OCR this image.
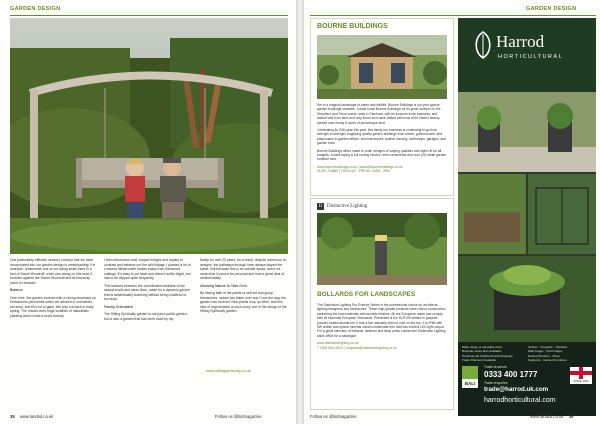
GARDEN DESIGN

One particularly effective sensory concept that we have incorporated into our garden design is underplanting. For example, underneath one of our swing seats there is a bed of Sweet Woodruff; when you swing on this seat, it brushes against the Sweet Woodruff and its heavenly scent is released.

Balance

Over time, the garden evolved with a strong emphasis on herbaceous perennials which we allowed to overwinter, set seed, and fill a lot of gaps. We only cut back in early spring. The results were huge swathes of naturalistic planting which holds a rustic beauty.

I then introduced neat, clipped hedges and topiary to contrast and balance out the wild foliage. I planted a lot of Lonicera Nitida which strikes easily from hardwood cuttings. It's easy to cut back and doesn't suffer blight, but has to be clipped quite frequently.

This balance between the uncultivated wildness of the natural world and clean lines, make for a dynamic garden that is aesthetically charming without being cluttered or too busy.

Family-Orientated

The Sitting Spiritually garden is not just a public garden, but is also a garden that has been used by my

family for over 20 years. As a result, despite numerous re-designs, the pathways through have always stayed the same. Not because this is an outside space, does not mean that it cannot be personal and hold a great deal of sentimentality.

Allowing Nature to Take Over

By having faith in the plants to self set and group themselves, nature has taken over and I love the way the garden has evolved. New plants crop up often, and this idea of regeneration is such a key one in the design of the Sitting Spiritually garden.

www.sittingspiritually.co.uk
38 www.landsd.co.uk	Follow us @lsdmagazine
GARDEN DESIGN
BOURNE BUILDINGS

Set in a magical landscape of water and wildlife, Bourne Buildings is not your typical garden buildings showsite. Locals know Bourne Buildings for its great location on the Shepherd and Flock scenic route in Farnham, with its treasure trove business, and animal visit from farm and only those who have visited will know of its hidden beauty spread over nearly 8 acres of picturesque land.

Celebrating its 20th year this year, this family run business is continuing to go from strength to strength, supplying quality garden buildings from sheds, greenhouses, and playhouses to garden offices, summerhouses, animal housing, workshops, garages, and garden bars.

Bourne Buildings offers made to order designs of varying qualities and styles fit for all budgets, a base laying & full roofing service, trees ornaments and over 200 small garden furniture sets.

www.bournebuildings.co.uk | sales@bournebuildings.co.uk

01252 716665 | TUESDAY - FRIDAY 10AM - 4PM

D Distinctive Lighting
BOLLARDS FOR LANDSCAPES

The Distinctive Lighting Pro Exterior Series is the professional choice for architects, lighting designers and contractors. These high-quality products have robust construction, partnering the best materials with durable finishes. All are European made and comply with all essential European Standards. Presented is the DLP190 bollard in graphite powder coated aluminium. It has a five warranty with no cost on the top. It is IP65 with 5W visible and optical minimal visual condensate free and has indirect LED light output. For a great selection of bollards, lanterns and lamp posts contact the Distinctive Lighting sales office for a catalogue.

www.distinctivelighting.co.uk

T 0208 0814 8011 | enquiries@distinctivelighting.co.uk

Harrod
HORTICULTURAL
Wide range of standard sizes
Bespoke sizes also available
Professional CAD/technical drawings
Trade Discount Available
Arches · Pergolas · Obelisks
Wall Cages · Fruit Cages
Raised Planters · Pleat
Supports · Garden Furniture
BALI
Trade brochure
0333 400 1777
Trade enquiries
trade@harrod.uk.com
SINCE 1954
harrodhorticultural.com
Follow us @lsdmagazine	www.landsd.co.uk 39
